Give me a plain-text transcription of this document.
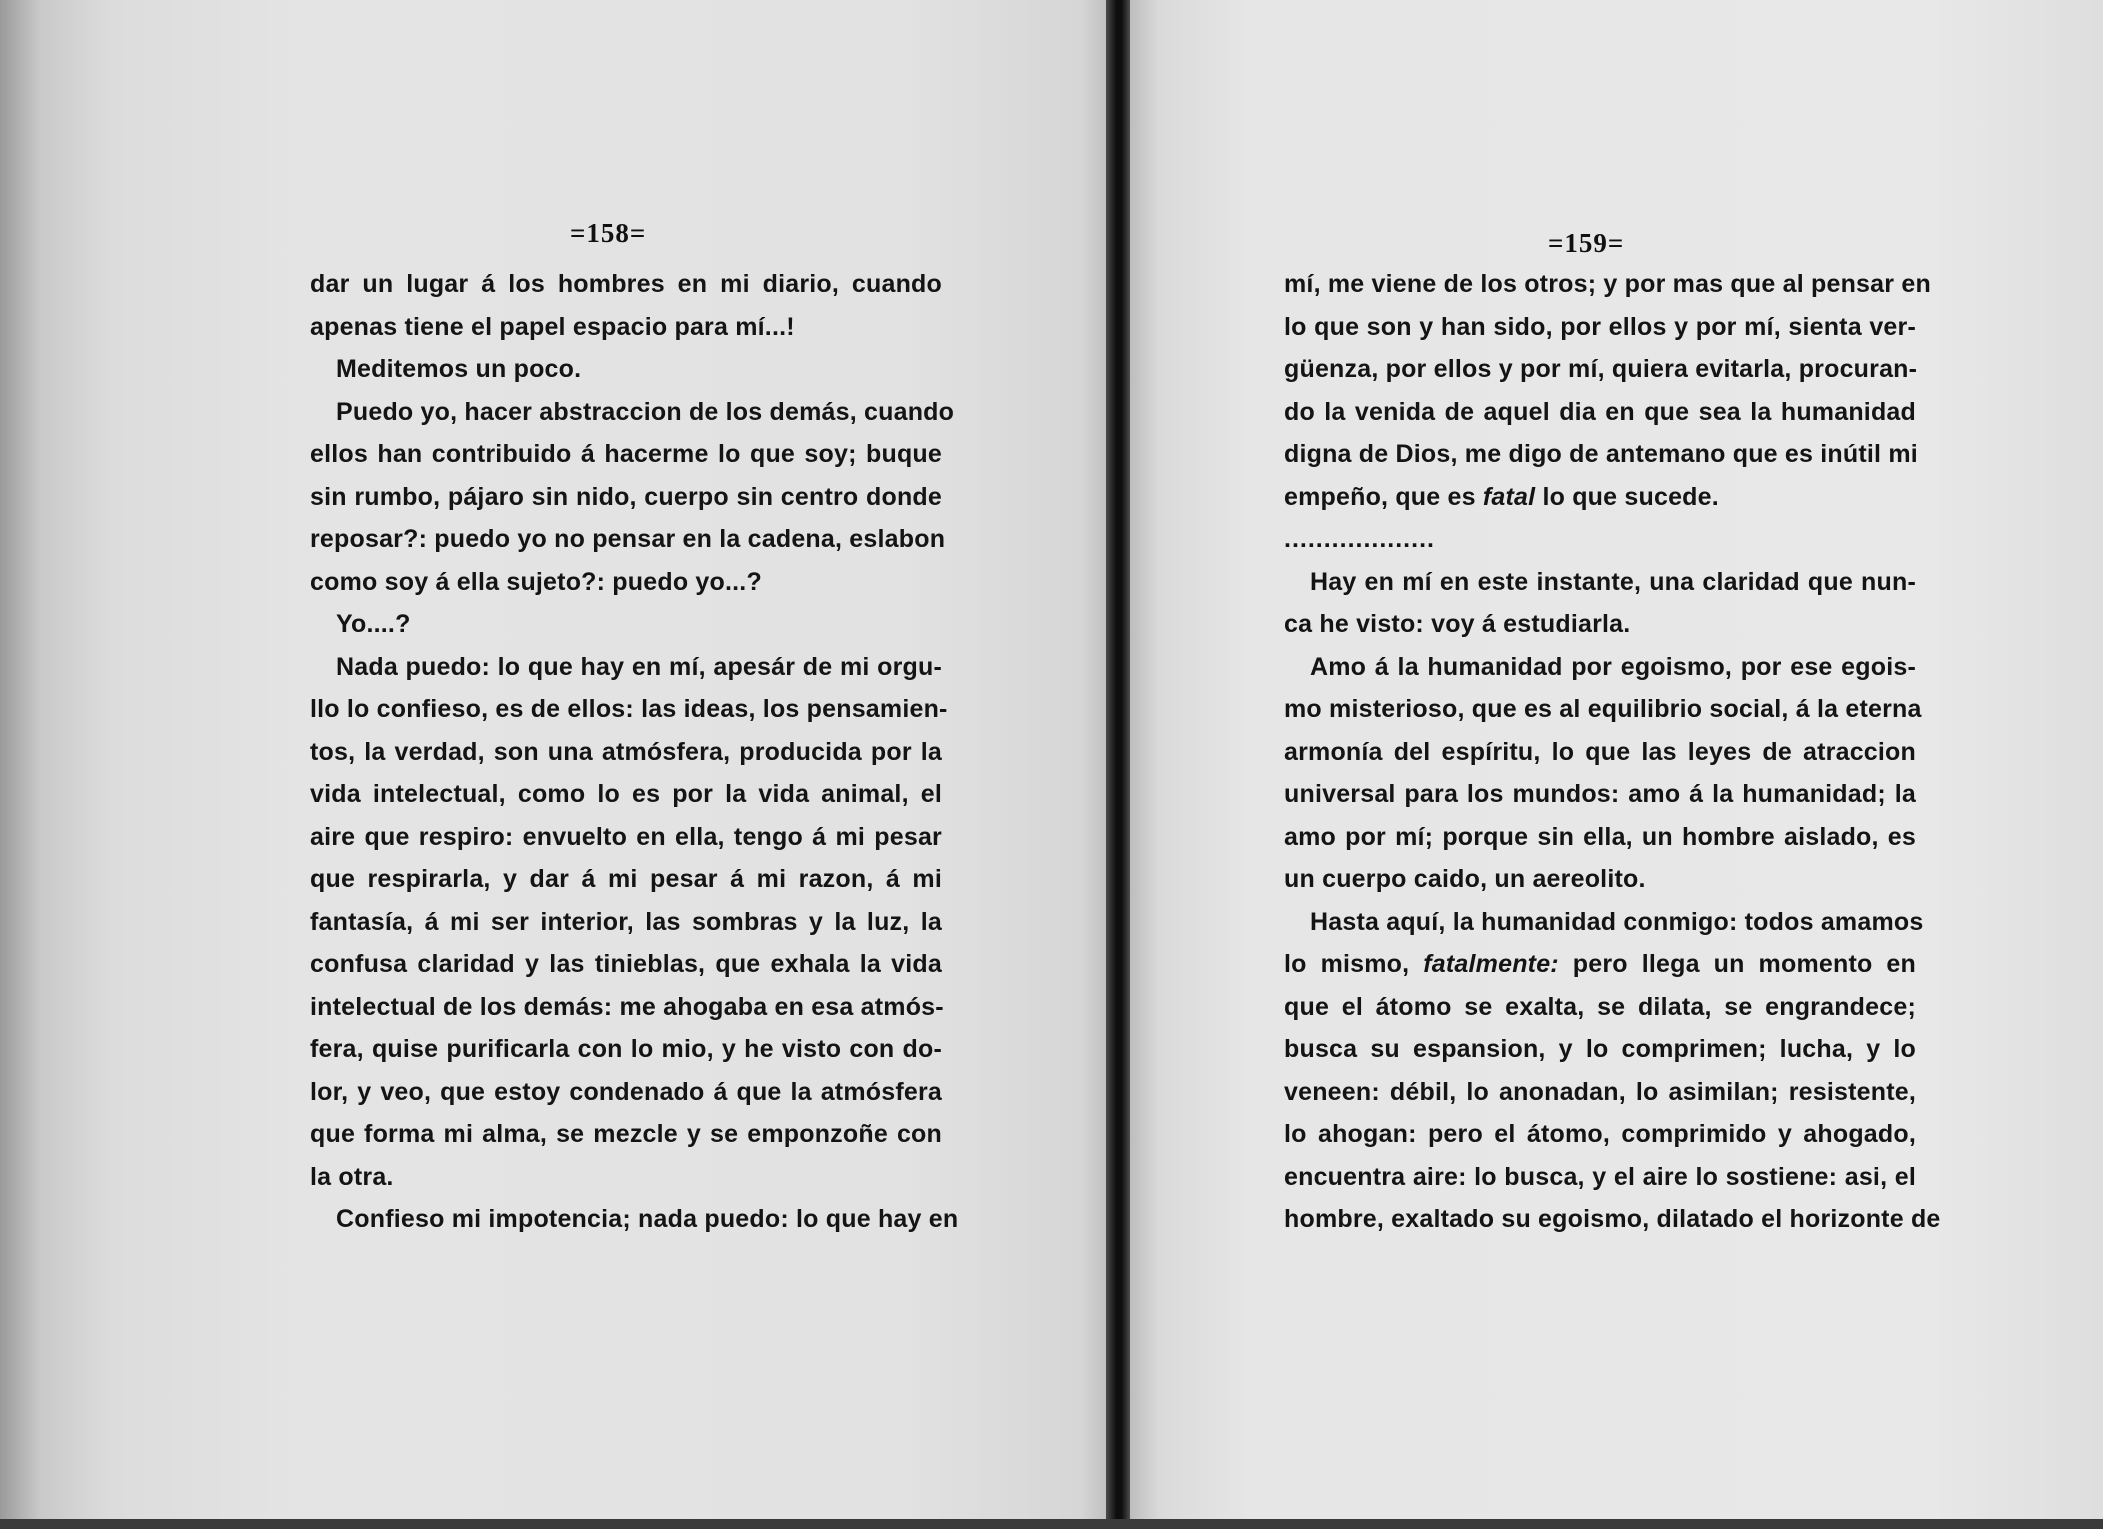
=158=	=159=
dar un lugar á los hombres en mi diario, cuando
apenas tiene el papel espacio para mí...!
Meditemos un poco.
Puedo yo, hacer abstraccion de los demás, cuando
ellos han contribuido á hacerme lo que soy; buque
sin rumbo, pájaro sin nido, cuerpo sin centro donde
reposar?: puedo yo no pensar en la cadena, eslabon
como soy á ella sujeto?: puedo yo...?
Yo....?
Nada puedo: lo que hay en mí, apesár de mi orgu-
llo lo confieso, es de ellos: las ideas, los pensamien-
tos, la verdad, son una atmósfera, producida por la
vida intelectual, como lo es por la vida animal, el
aire que respiro: envuelto en ella, tengo á mi pesar
que respirarla, y dar á mi pesar á mi razon, á mi
fantasía, á mi ser interior, las sombras y la luz, la
confusa claridad y las tinieblas, que exhala la vida
intelectual de los demás: me ahogaba en esa atmós-
fera, quise purificarla con lo mio, y he visto con do-
lor, y veo, que estoy condenado á que la atmósfera
que forma mi alma, se mezcle y se emponzoñe con
la otra.
Confieso mi impotencia; nada puedo: lo que hay en
mí, me viene de los otros; y por mas que al pensar en
lo que son y han sido, por ellos y por mí, sienta ver-
güenza, por ellos y por mí, quiera evitarla, procuran-
do la venida de aquel dia en que sea la humanidad
digna de Dios, me digo de antemano que es inútil mi
empeño, que es fatal lo que sucede.
...................
Hay en mí en este instante, una claridad que nun-
ca he visto: voy á estudiarla.
Amo á la humanidad por egoismo, por ese egois-
mo misterioso, que es al equilibrio social, á la eterna
armonía del espíritu, lo que las leyes de atraccion
universal para los mundos: amo á la humanidad; la
amo por mí; porque sin ella, un hombre aislado, es
un cuerpo caido, un aereolito.
Hasta aquí, la humanidad conmigo: todos amamos
lo mismo, fatalmente: pero llega un momento en
que el átomo se exalta, se dilata, se engrandece;
busca su espansion, y lo comprimen; lucha, y lo
veneen: débil, lo anonadan, lo asimilan; resistente,
lo ahogan: pero el átomo, comprimido y ahogado,
encuentra aire: lo busca, y el aire lo sostiene: asi, el
hombre, exaltado su egoismo, dilatado el horizonte de
